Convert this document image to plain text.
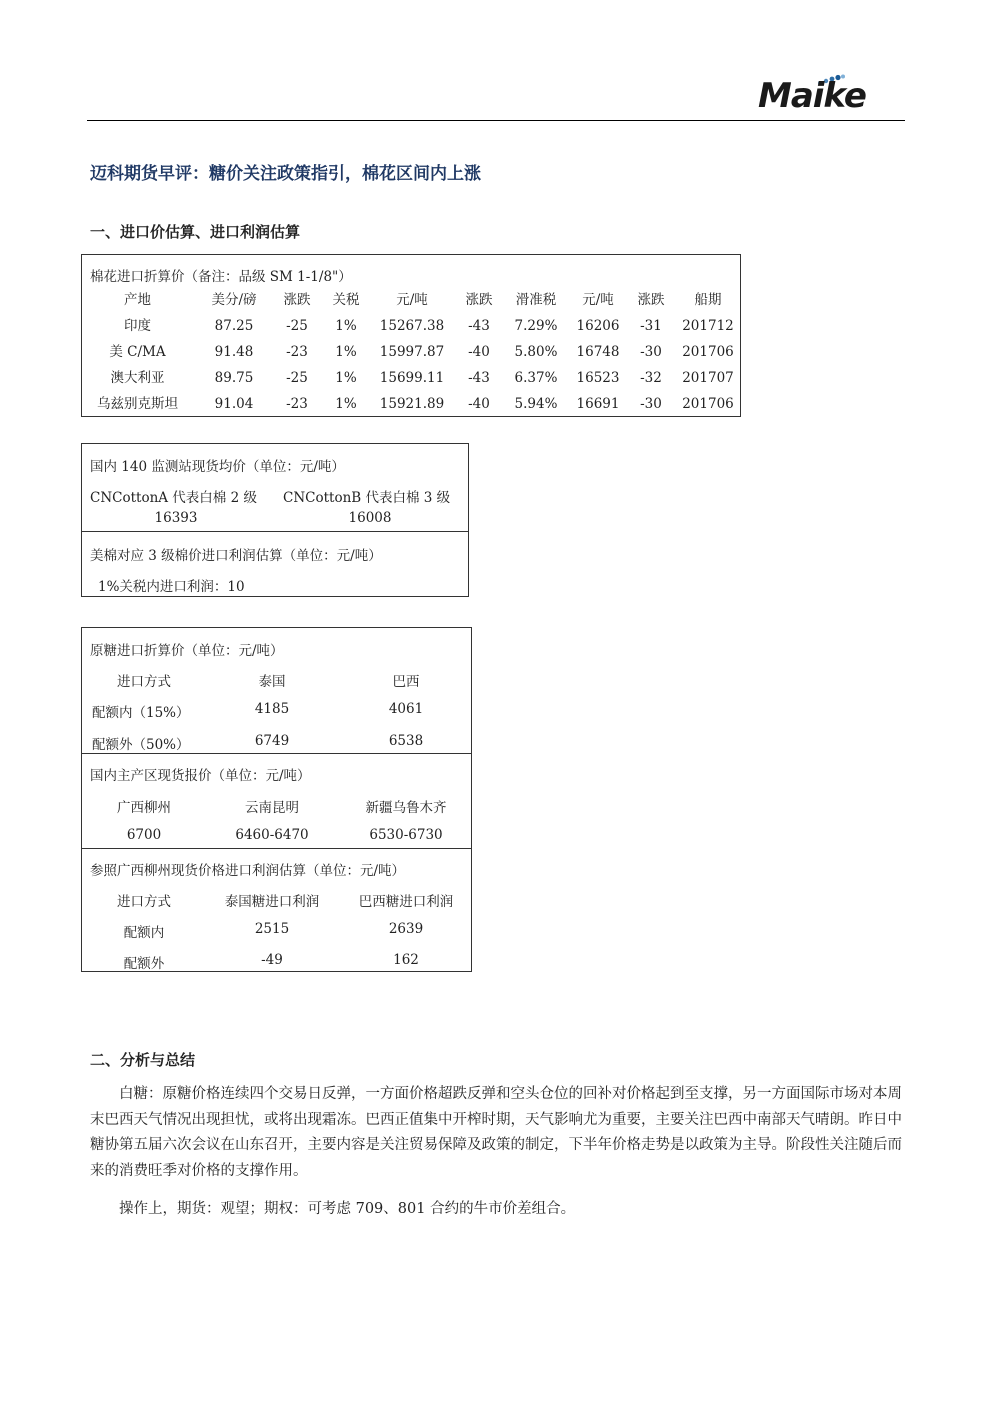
Maike
迈科期货早评：糖价关注政策指引，棉花区间内上涨
一、进口价估算、进口利润估算
棉花进口折算价（备注：品级 SM 1-1/8"）
产地	美分/磅	涨跌	关税	元/吨	涨跌	滑准税	元/吨	涨跌	船期
印度	87.25	-25	1%	15267.38	-43	7.29%	16206	-31	201712
美 C/MA	91.48	-23	1%	15997.87	-40	5.80%	16748	-30	201706
澳大利亚	89.75	-25	1%	15699.11	-43	6.37%	16523	-32	201707
乌兹别克斯坦	91.04	-23	1%	15921.89	-40	5.94%	16691	-30	201706
国内 140 监测站现货均价（单位：元/吨）
CNCottonA 代表白棉 2 级 CNCottonB 代表白棉 3 级
16393	16008
美棉对应 3 级棉价进口利润估算（单位：元/吨）
1%关税内进口利润：10
原糖进口折算价（单位：元/吨）
进口方式	泰国	巴西
配额内（15%）	4185	4061
配额外（50%）	6749	6538
国内主产区现货报价（单位：元/吨）
广西柳州	云南昆明	新疆乌鲁木齐
6700	6460-6470	6530-6730
参照广西柳州现货价格进口利润估算（单位：元/吨）
进口方式	泰国糖进口利润	巴西糖进口利润
配额内	2515	2639
配额外	-49	162
二、分析与总结
白糖：原糖价格连续四个交易日反弹，一方面价格超跌反弹和空头仓位的回补对价格起到至支撑，另一方面国际市场对本周末巴西天气情况出现担忧，或将出现霜冻。巴西正值集中开榨时期，天气影响尤为重要，主要关注巴西中南部天气晴朗。昨日中糖协第五届六次会议在山东召开，主要内容是关注贸易保障及政策的制定，下半年价格走势是以政策为主导。阶段性关注随后而来的消费旺季对价格的支撑作用。
操作上，期货：观望；期权：可考虑 709、801 合约的牛市价差组合。
